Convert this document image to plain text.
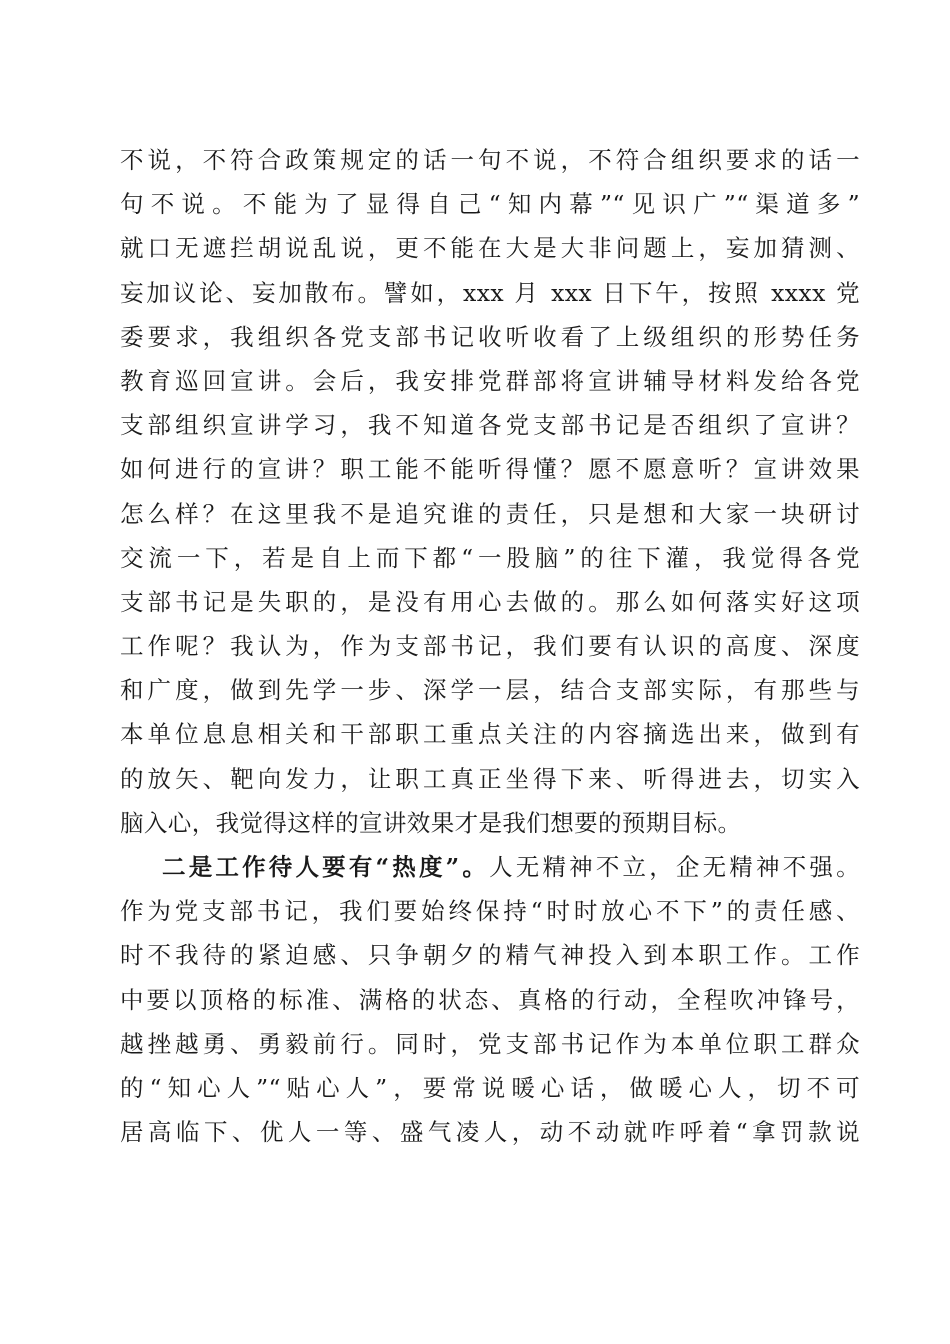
不说，不符合政策规定的话一句不说，不符合组织要求的话一
句不说。不能为了显得自己“知内幕”“见识广”“渠道多”
就口无遮拦胡说乱说，更不能在大是大非问题上，妄加猜测、
妄加议论、妄加散布。譬如，xxx 月 xxx 日下午，按照 xxxx 党
委要求，我组织各党支部书记收听收看了上级组织的形势任务
教育巡回宣讲。会后，我安排党群部将宣讲辅导材料发给各党
支部组织宣讲学习，我不知道各党支部书记是否组织了宣讲？
如何进行的宣讲？职工能不能听得懂？愿不愿意听？宣讲效果
怎么样？在这里我不是追究谁的责任，只是想和大家一块研讨
交流一下，若是自上而下都“一股脑”的往下灌，我觉得各党
支部书记是失职的，是没有用心去做的。那么如何落实好这项
工作呢？我认为，作为支部书记，我们要有认识的高度、深度
和广度，做到先学一步、深学一层，结合支部实际，有那些与
本单位息息相关和干部职工重点关注的内容摘选出来，做到有
的放矢、靶向发力，让职工真正坐得下来、听得进去，切实入
脑入心，我觉得这样的宣讲效果才是我们想要的预期目标。
二是工作待人要有“热度”。人无精神不立，企无精神不强。
作为党支部书记，我们要始终保持“时时放心不下”的责任感、
时不我待的紧迫感、只争朝夕的精气神投入到本职工作。工作
中要以顶格的标准、满格的状态、真格的行动，全程吹冲锋号，
越挫越勇、勇毅前行。同时，党支部书记作为本单位职工群众
的“知心人”“贴心人”，要常说暖心话，做暖心人，切不可
居高临下、优人一等、盛气凌人，动不动就咋呼着“拿罚款说
